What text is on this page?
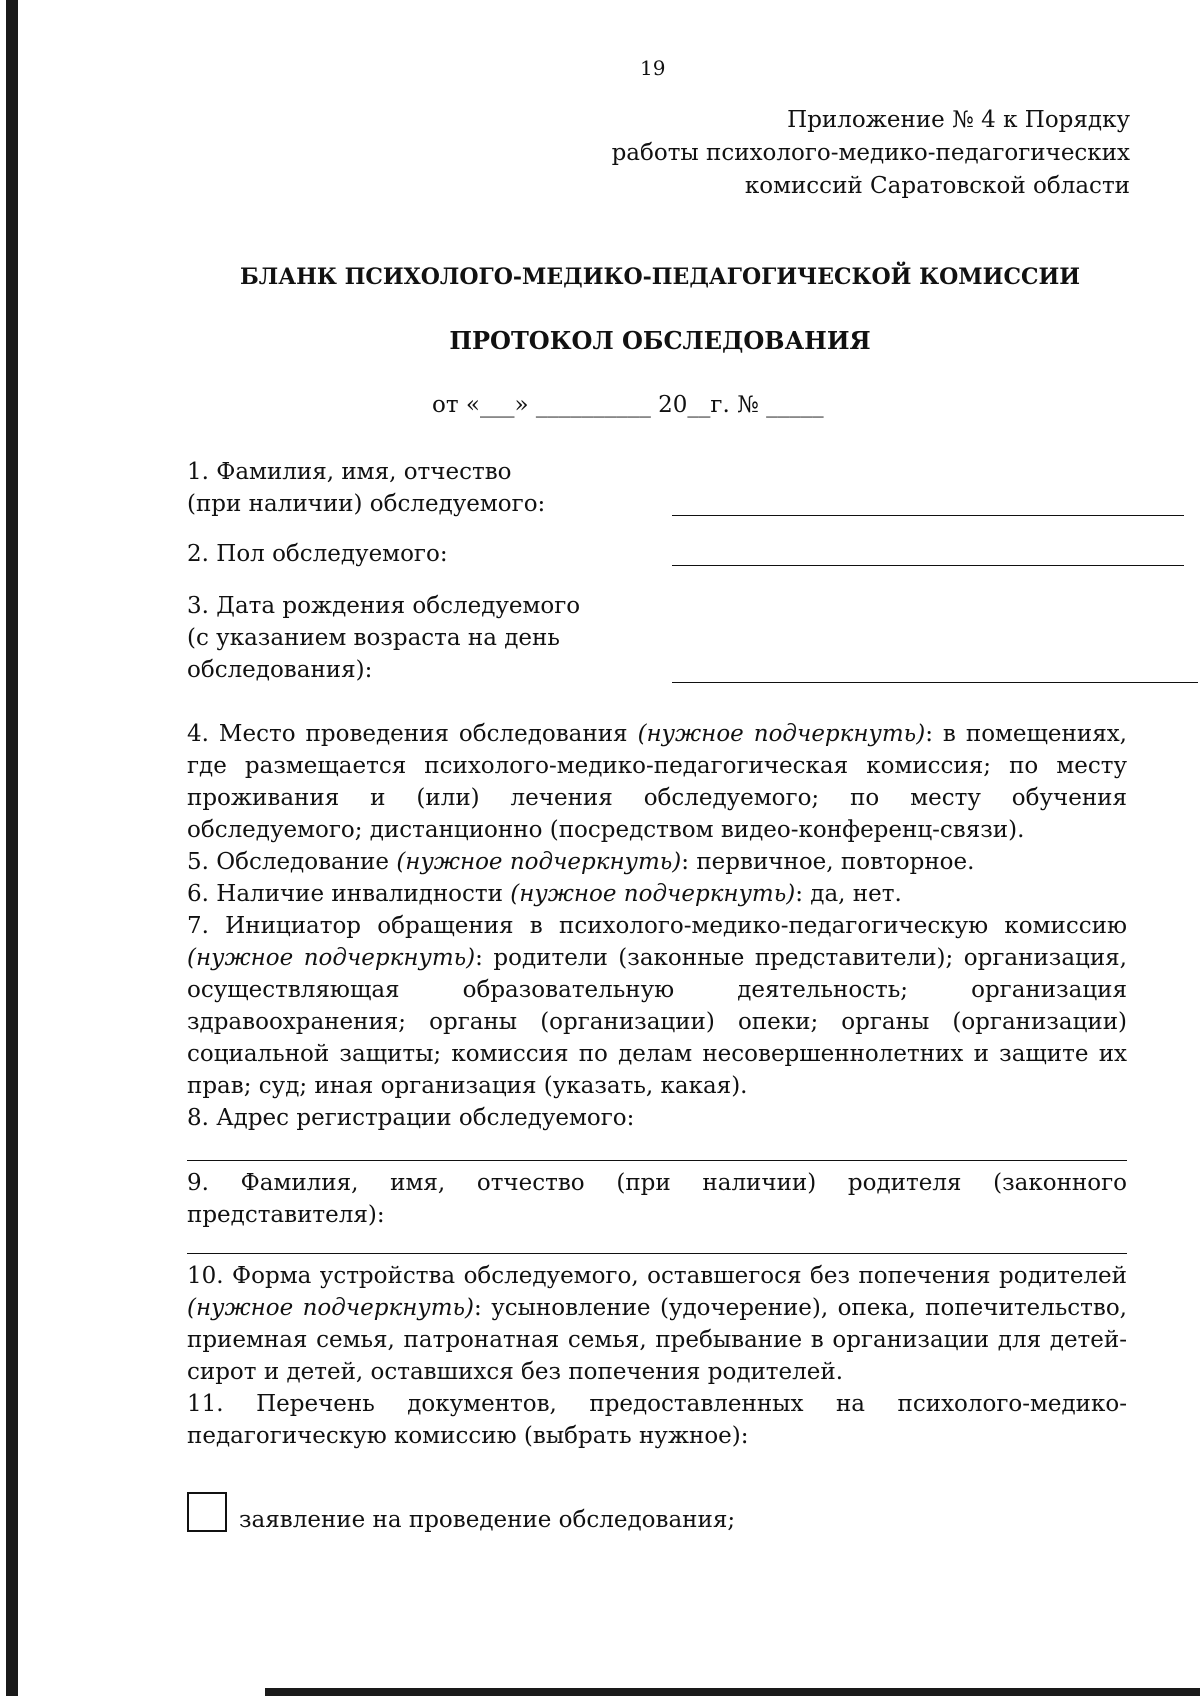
19
Приложение № 4 к Порядку
работы психолого-медико-педагогических
комиссий Саратовской области
БЛАНК ПСИХОЛОГО-МЕДИКО-ПЕДАГОГИЧЕСКОЙ КОМИССИИ
ПРОТОКОЛ ОБСЛЕДОВАНИЯ
от «___» __________ 20__г. № _____
1. Фамилия, имя, отчество
(при наличии) обследуемого:
2. Пол обследуемого:
3. Дата рождения обследуемого
(с указанием возраста на день
обследования):

4. Место проведения обследования (нужное подчеркнуть): в помещениях, где размещается психолого-медико-педагогическая комиссия; по месту проживания и (или) лечения обследуемого; по месту обучения обследуемого; дистанционно (посредством видео-конференц-связи).

5. Обследование (нужное подчеркнуть): первичное, повторное.

6. Наличие инвалидности (нужное подчеркнуть): да, нет.

7. Инициатор обращения в психолого-медико-педагогическую комиссию (нужное подчеркнуть): родители (законные представители); организация, осуществляющая образовательную деятельность; организация здравоохранения; органы (организации) опеки; органы (организации) социальной защиты; комиссия по делам несовершеннолетних и защите их прав; суд; иная организация (указать, какая).

8. Адрес регистрации обследуемого:

9. Фамилия, имя, отчество (при наличии) родителя (законного

представителя):

10. Форма устройства обследуемого, оставшегося без попечения родителей (нужное подчеркнуть): усыновление (удочерение), опека, попечительство, приемная семья, патронатная семья, пребывание в организации для детей-сирот и детей, оставшихся без попечения родителей.

11. Перечень документов, предоставленных на психолого-медико-педагогическую комиссию (выбрать нужное):

заявление на проведение обследования;
